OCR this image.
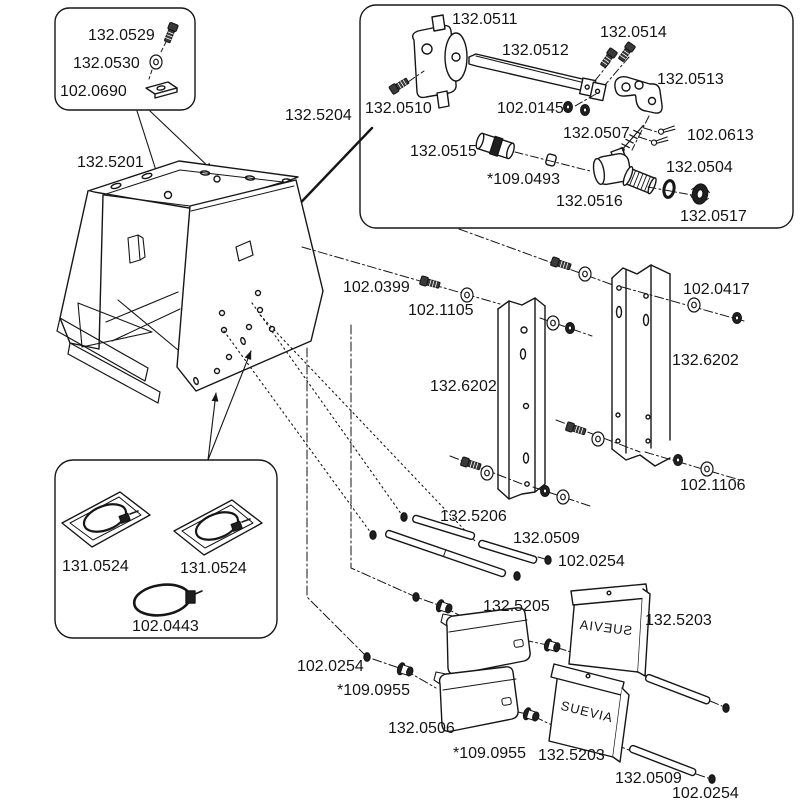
132.0529
132.0530
102.0690
132.5201
132.5204
132.0511
132.0512
132.0514
132.0513
132.0510	102.0145
132.0507	102.0613
132.0515
132.0504
*109.0493
132.0516
132.0517
102.0399
102.1105
102.0417
132.6202
132.6202
102.1106
131.0524	131.0524
102.0443
132.5206
132.0509
102.0254
132.5205
132.5203
102.0254
*109.0955
132.0506
*109.0955 132.5203
132.0509
102.0254
SUEVIA
SUEVIA
